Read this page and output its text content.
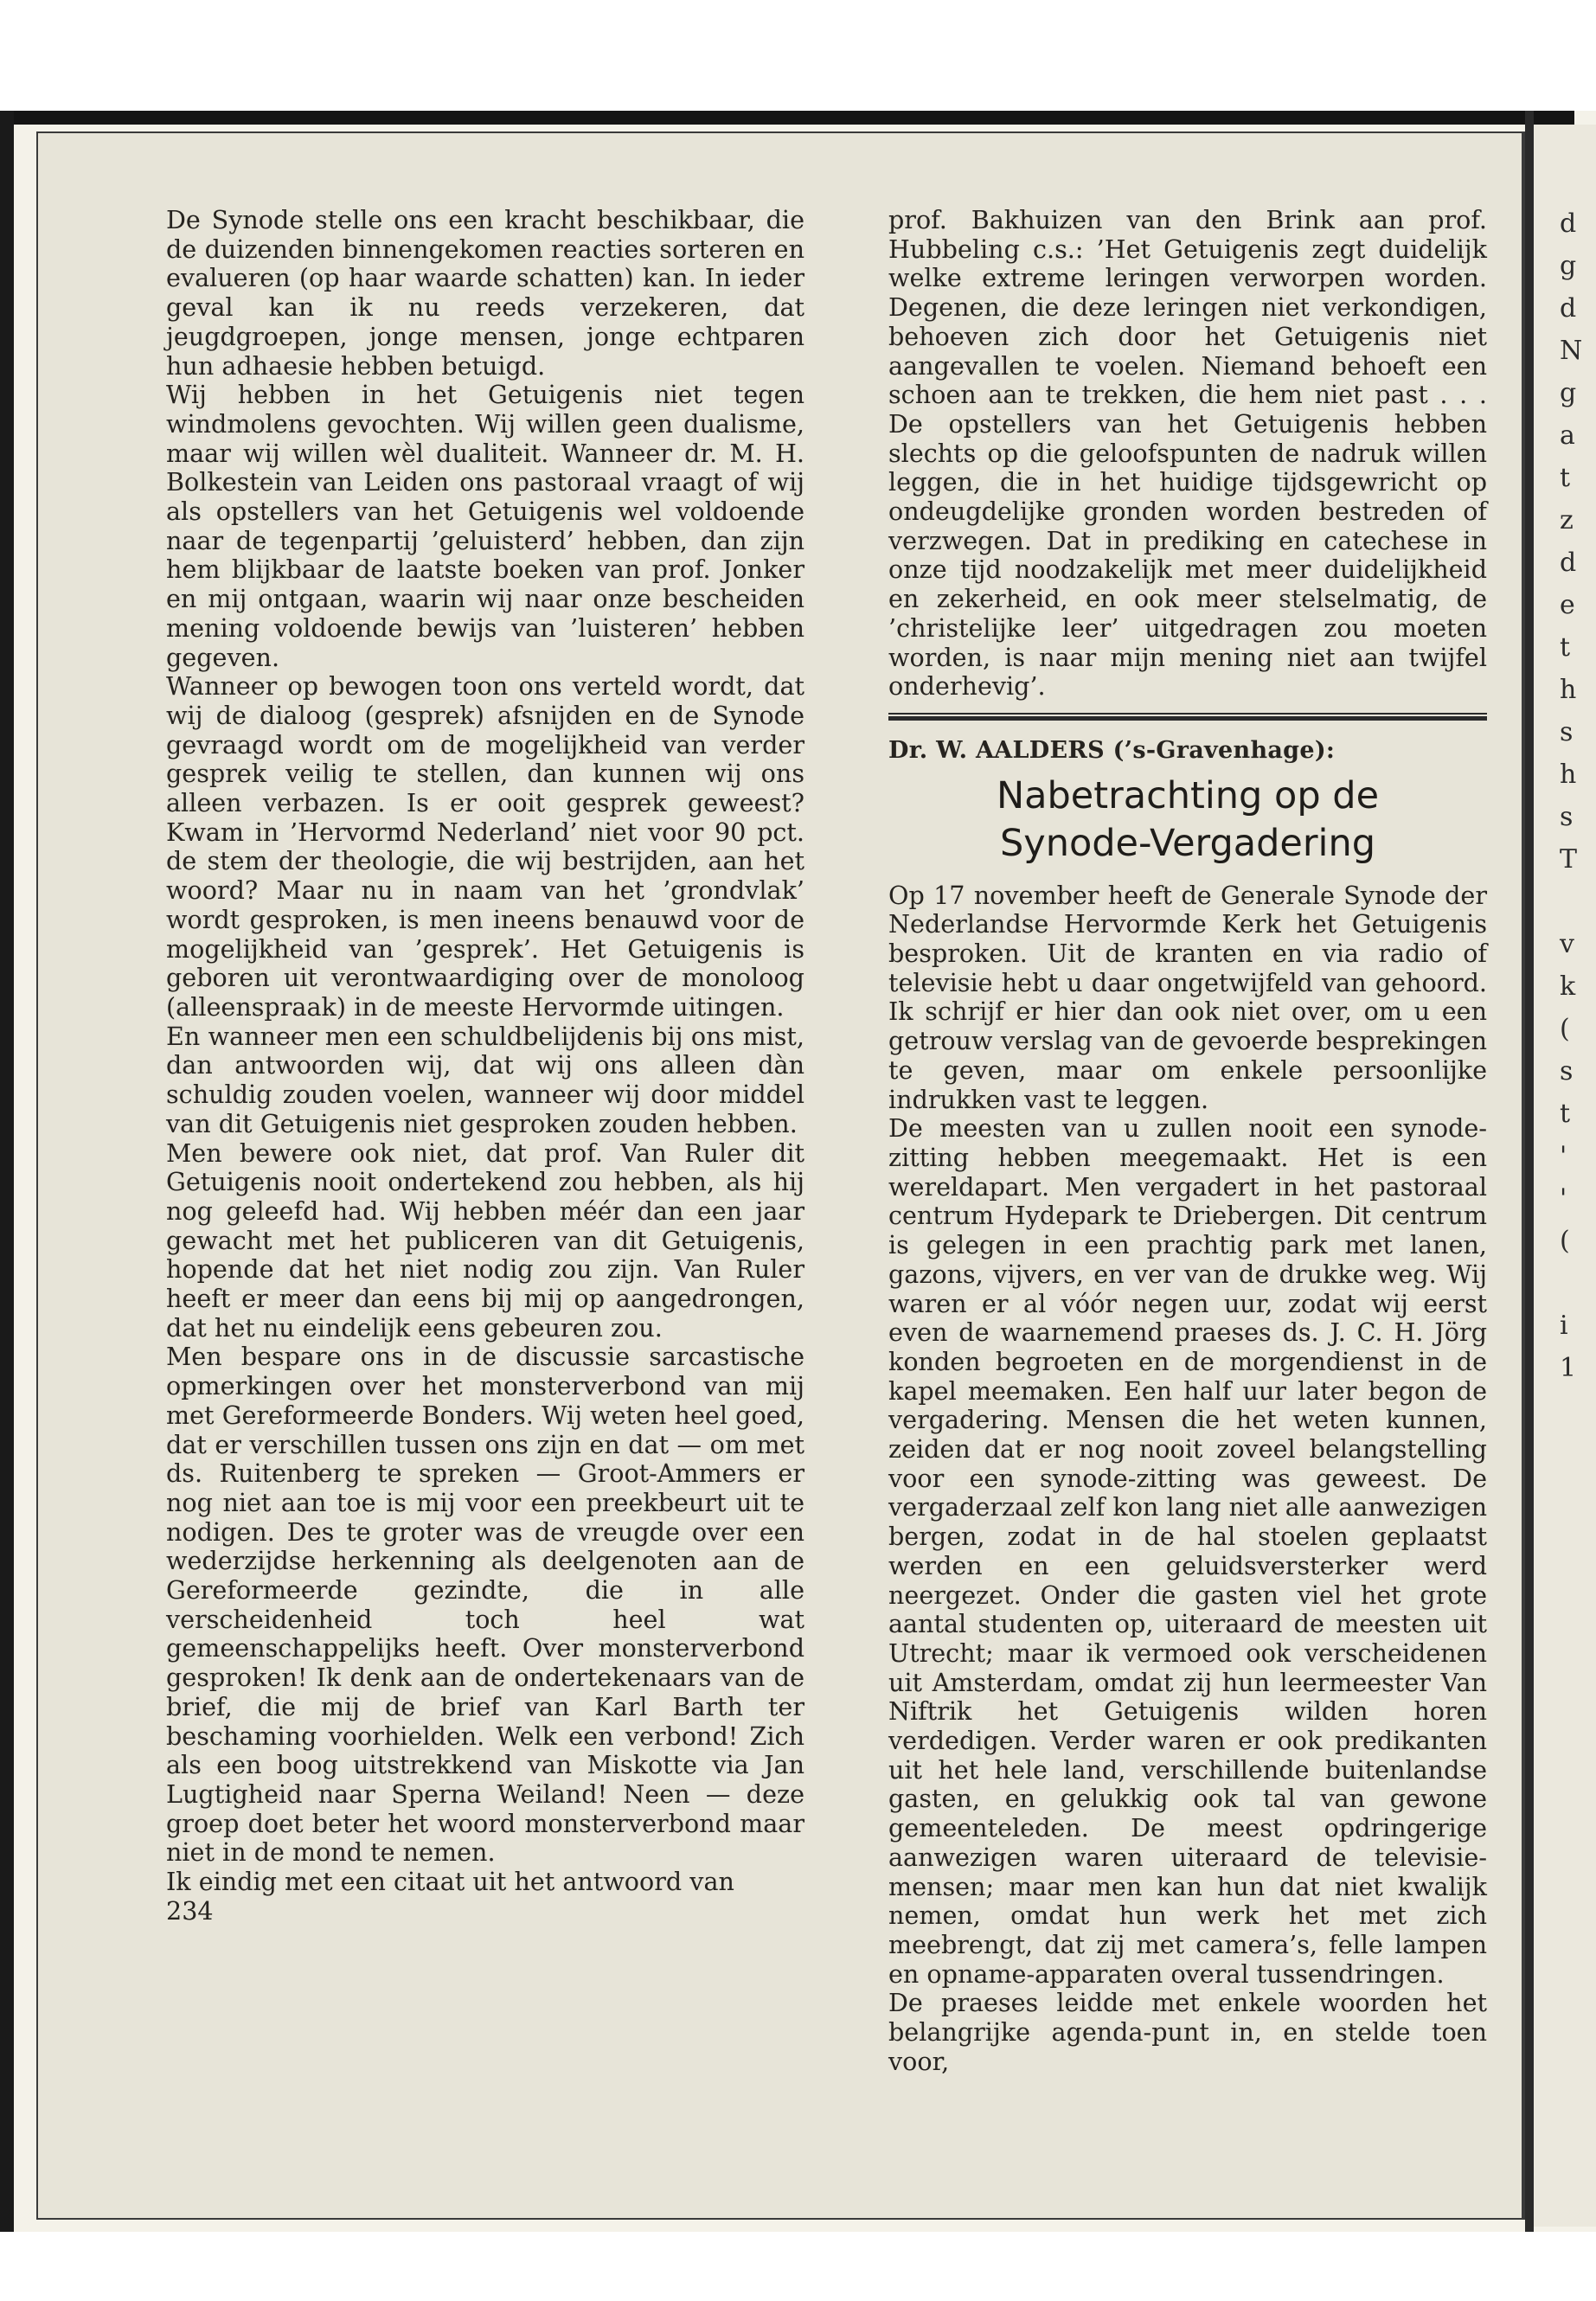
d
g
d
N
g
a
t
z
d
e
t
h
s
h
s
T

v
k
(
s
t
'
'
(

i
1

De Synode stelle ons een kracht beschikbaar, die de duizenden binnengekomen reacties sorteren en evalueren (op haar waarde schatten) kan. In ieder geval kan ik nu reeds verzekeren, dat jeugdgroepen, jonge mensen, jonge echtparen hun adhaesie hebben betuigd.

Wij hebben in het Getuigenis niet tegen windmolens gevochten. Wij willen geen dualisme, maar wij willen wèl dualiteit. Wanneer dr. M. H. Bolkestein van Leiden ons pastoraal vraagt of wij als opstellers van het Getuigenis wel voldoende naar de tegenpartij ’geluisterd’ hebben, dan zijn hem blijkbaar de laatste boeken van prof. Jonker en mij ontgaan, waarin wij naar onze bescheiden mening voldoende bewijs van ’luisteren’ hebben gegeven.

Wanneer op bewogen toon ons verteld wordt, dat wij de dialoog (gesprek) afsnijden en de Synode gevraagd wordt om de mogelijkheid van verder gesprek veilig te stellen, dan kunnen wij ons alleen verbazen. Is er ooit gesprek geweest? Kwam in ’Hervormd Nederland’ niet voor 90 pct. de stem der theologie, die wij bestrijden, aan het woord? Maar nu in naam van het ’grondvlak’ wordt gesproken, is men ineens benauwd voor de mogelijkheid van ’gesprek’. Het Getuigenis is geboren uit verontwaardiging over de monoloog (alleenspraak) in de meeste Hervormde uitingen.

En wanneer men een schuldbelijdenis bij ons mist, dan antwoorden wij, dat wij ons alleen dàn schuldig zouden voelen, wanneer wij door middel van dit Getuigenis niet gesproken zouden hebben.

Men bewere ook niet, dat prof. Van Ruler dit Getuigenis nooit ondertekend zou hebben, als hij nog geleefd had. Wij hebben méér dan een jaar gewacht met het publiceren van dit Getuigenis, hopende dat het niet nodig zou zijn. Van Ruler heeft er meer dan eens bij mij op aangedrongen, dat het nu eindelijk eens gebeuren zou.

Men bespare ons in de discussie sarcastische opmerkingen over het monsterverbond van mij met Gereformeerde Bonders. Wij weten heel goed, dat er verschillen tussen ons zijn en dat — om met ds. Ruitenberg te spreken — Groot-Ammers er nog niet aan toe is mij voor een preekbeurt uit te nodigen. Des te groter was de vreugde over een wederzijdse herkenning als deelgenoten aan de Gereformeerde gezindte, die in alle verscheidenheid toch heel wat gemeenschappelijks heeft. Over monsterverbond gesproken! Ik denk aan de ondertekenaars van de brief, die mij de brief van Karl Barth ter beschaming voorhielden. Welk een verbond! Zich als een boog uitstrekkend van Miskotte via Jan Lugtigheid naar Sperna Weiland! Neen — deze groep doet beter het woord monsterverbond maar niet in de mond te nemen.

Ik eindig met een citaat uit het antwoord van

234

prof. Bakhuizen van den Brink aan prof. Hubbeling c.s.: ’Het Getuigenis zegt duidelijk welke extreme leringen verworpen worden. Degenen, die deze leringen niet verkondigen, behoeven zich door het Getuigenis niet aangevallen te voelen. Niemand behoeft een schoen aan te trekken, die hem niet past . . . De opstellers van het Getuigenis hebben slechts op die geloofspunten de nadruk willen leggen, die in het huidige tijdsgewricht op ondeugdelijke gronden worden bestreden of verzwegen. Dat in prediking en catechese in onze tijd noodzakelijk met meer duidelijkheid en zekerheid, en ook meer stelselmatig, de ’christelijke leer’ uitgedragen zou moeten worden, is naar mijn mening niet aan twijfel onderhevig’.

Dr. W. AALDERS (’s-Gravenhage):
Nabetrachting op de
Synode-Vergadering

Op 17 november heeft de Generale Synode der Nederlandse Hervormde Kerk het Getuigenis besproken. Uit de kranten en via radio of televisie hebt u daar ongetwijfeld van gehoord. Ik schrijf er hier dan ook niet over, om u een getrouw verslag van de gevoerde besprekingen te geven, maar om enkele persoonlijke indrukken vast te leggen.

De meesten van u zullen nooit een synode-zitting hebben meegemaakt. Het is een wereldapart. Men vergadert in het pastoraal centrum Hydepark te Driebergen. Dit centrum is gelegen in een prachtig park met lanen, gazons, vijvers, en ver van de drukke weg. Wij waren er al vóór negen uur, zodat wij eerst even de waarnemend praeses ds. J. C. H. Jörg konden begroeten en de morgendienst in de kapel meemaken. Een half uur later begon de vergadering. Mensen die het weten kunnen, zeiden dat er nog nooit zoveel belangstelling voor een synode-zitting was geweest. De vergaderzaal zelf kon lang niet alle aanwezigen bergen, zodat in de hal stoelen geplaatst werden en een geluidsversterker werd neergezet. Onder die gasten viel het grote aantal studenten op, uiteraard de meesten uit Utrecht; maar ik vermoed ook verscheidenen uit Amsterdam, omdat zij hun leermeester Van Niftrik het Getuigenis wilden horen verdedigen. Verder waren er ook predikanten uit het hele land, verschillende buitenlandse gasten, en gelukkig ook tal van gewone gemeenteleden. De meest opdringerige aanwezigen waren uiteraard de televisie-mensen; maar men kan hun dat niet kwalijk nemen, omdat hun werk het met zich meebrengt, dat zij met camera’s, felle lampen en opname-apparaten overal tussendringen.

De praeses leidde met enkele woorden het belangrijke agenda-punt in, en stelde toen voor,
